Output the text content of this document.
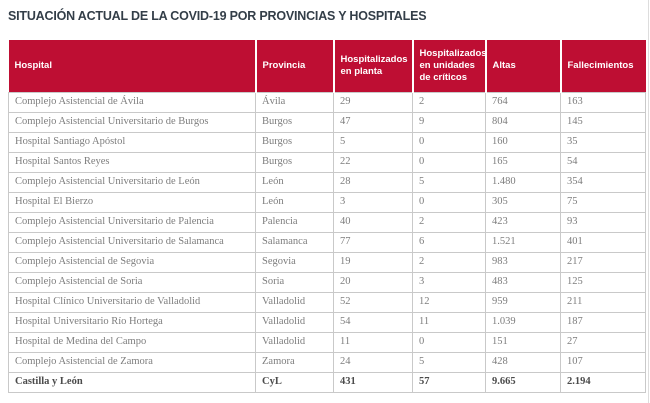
SITUACIÓN ACTUAL DE LA COVID-19 POR PROVINCIAS Y HOSPITALES
Hospital	Provincia	Hospitalizados en planta	Hospitalizados en unidades de críticos	Altas	Fallecimientos
Complejo Asistencial de Ávila	Ávila	29	2	764	163
Complejo Asistencial Universitario de Burgos	Burgos	47	9	804	145
Hospital Santiago Apóstol	Burgos	5	0	160	35
Hospital Santos Reyes	Burgos	22	0	165	54
Complejo Asistencial Universitario de León	León	28	5	1.480	354
Hospital El Bierzo	León	3	0	305	75
Complejo Asistencial Universitario de Palencia	Palencia	40	2	423	93
Complejo Asistencial Universitario de Salamanca	Salamanca	77	6	1.521	401
Complejo Asistencial de Segovia	Segovia	19	2	983	217
Complejo Asistencial de Soria	Soria	20	3	483	125
Hospital Clínico Universitario de Valladolid	Valladolid	52	12	959	211
Hospital Universitario Río Hortega	Valladolid	54	11	1.039	187
Hospital de Medina del Campo	Valladolid	11	0	151	27
Complejo Asistencial de Zamora	Zamora	24	5	428	107
Castilla y León	CyL	431	57	9.665	2.194
